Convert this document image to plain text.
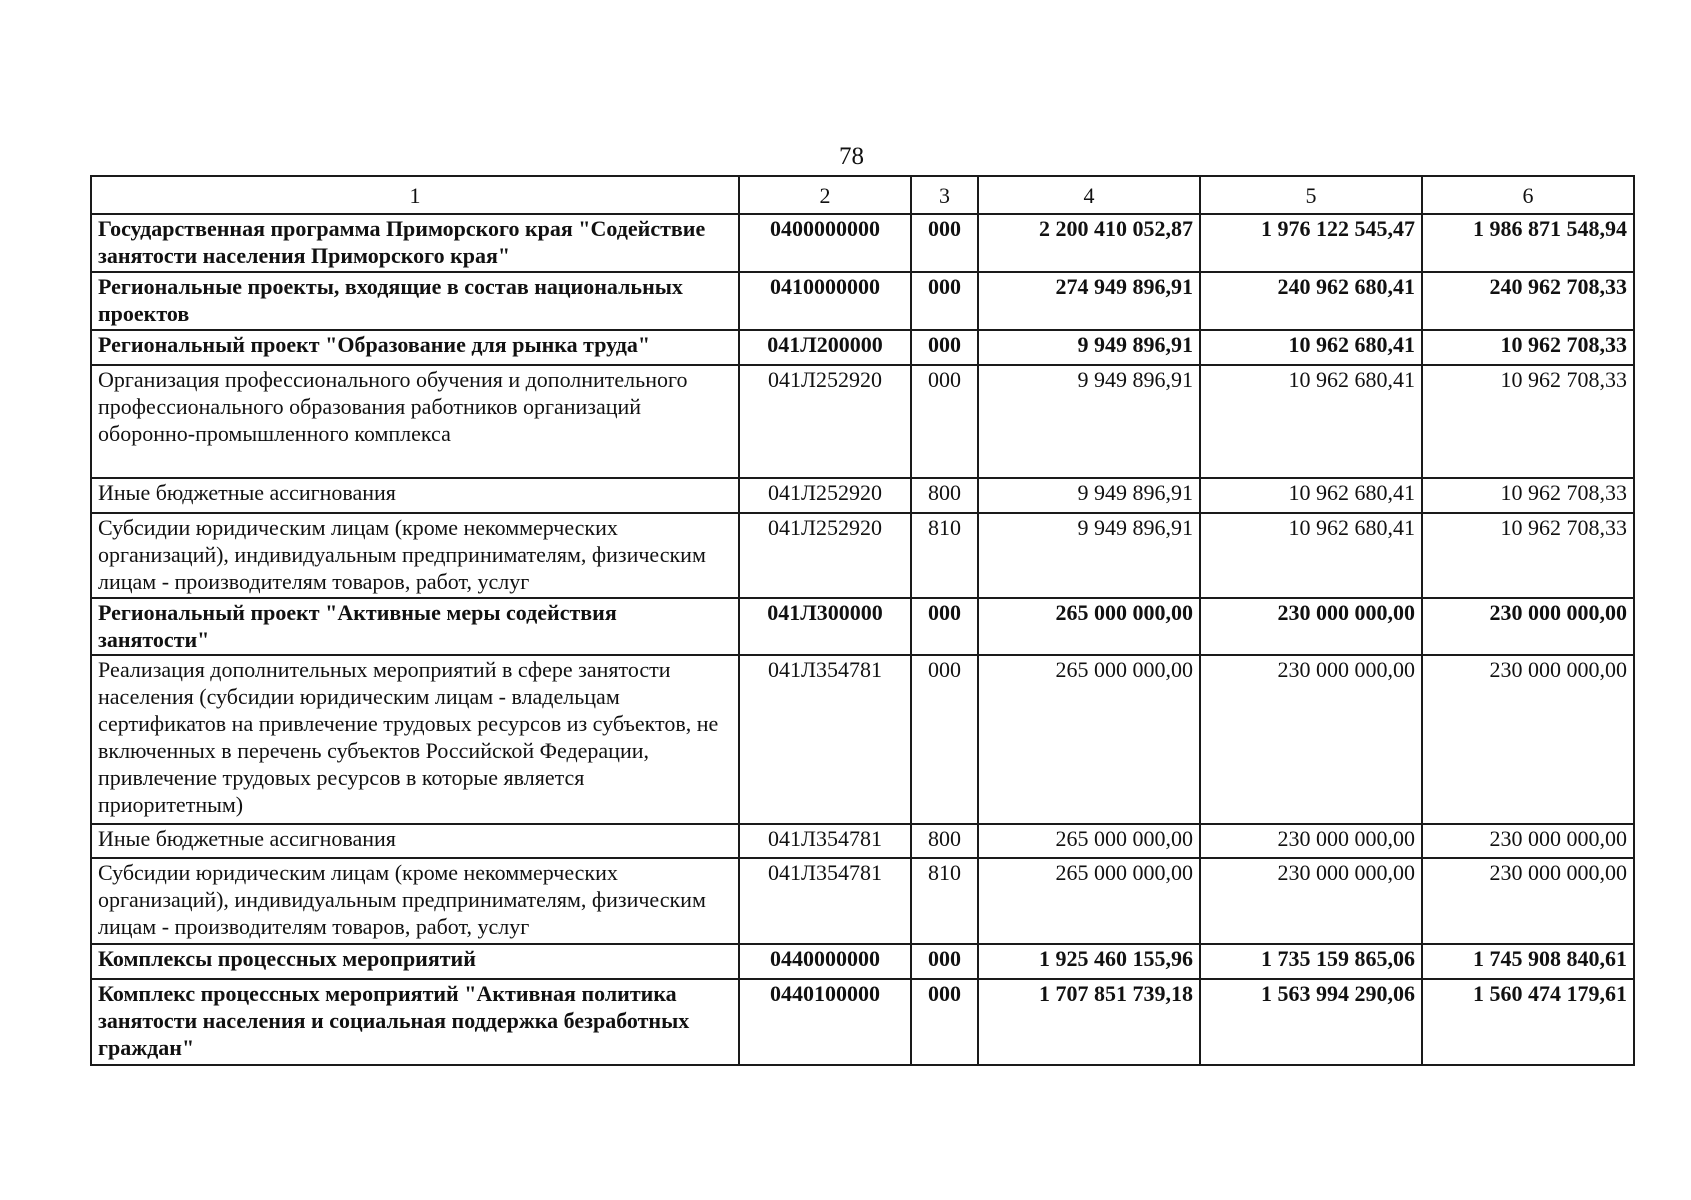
78
1	2	3	4	5	6
Государственная программа Приморского края "Содействие занятости населения Приморского края"	0400000000	000	2 200 410 052,87	1 976 122 545,47	1 986 871 548,94
Региональные проекты, входящие в состав национальных проектов	0410000000	000	274 949 896,91	240 962 680,41	240 962 708,33
Региональный проект "Образование для рынка труда"	041Л200000	000	9 949 896,91	10 962 680,41	10 962 708,33
Организация профессионального обучения и дополнительного профессионального образования работников организаций оборонно-промышленного комплекса	041Л252920	000	9 949 896,91	10 962 680,41	10 962 708,33
Иные бюджетные ассигнования	041Л252920	800	9 949 896,91	10 962 680,41	10 962 708,33
Субсидии юридическим лицам (кроме некоммерческих организаций), индивидуальным предпринимателям, физическим лицам - производителям товаров, работ, услуг	041Л252920	810	9 949 896,91	10 962 680,41	10 962 708,33
Региональный проект "Активные меры содействия занятости"	041Л300000	000	265 000 000,00	230 000 000,00	230 000 000,00
Реализация дополнительных мероприятий в сфере занятости населения (субсидии юридическим лицам - владельцам сертификатов на привлечение трудовых ресурсов из субъектов, не включенных в перечень субъектов Российской Федерации, привлечение трудовых ресурсов в которые является приоритетным)	041Л354781	000	265 000 000,00	230 000 000,00	230 000 000,00
Иные бюджетные ассигнования	041Л354781	800	265 000 000,00	230 000 000,00	230 000 000,00
Субсидии юридическим лицам (кроме некоммерческих организаций), индивидуальным предпринимателям, физическим лицам - производителям товаров, работ, услуг	041Л354781	810	265 000 000,00	230 000 000,00	230 000 000,00
Комплексы процессных мероприятий	0440000000	000	1 925 460 155,96	1 735 159 865,06	1 745 908 840,61
Комплекс процессных мероприятий "Активная политика занятости населения и социальная поддержка безработных граждан"	0440100000	000	1 707 851 739,18	1 563 994 290,06	1 560 474 179,61
